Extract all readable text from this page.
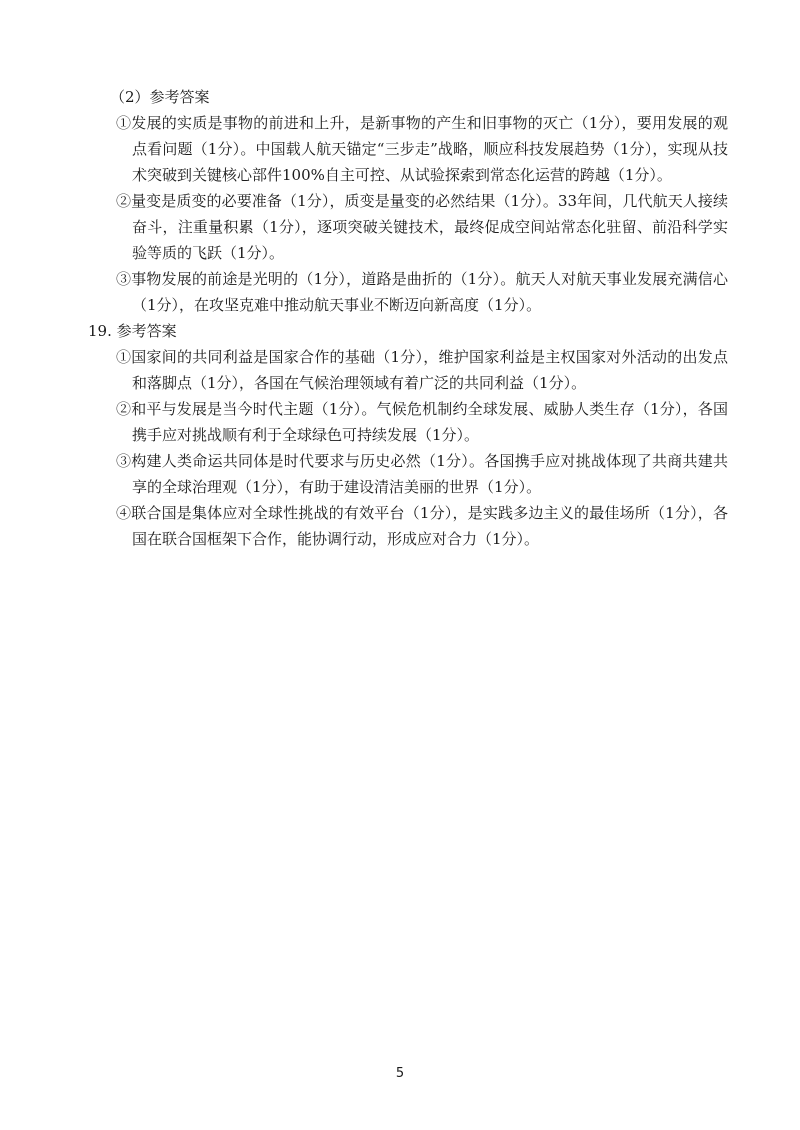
（2）参考答案
①发展的实质是事物的前进和上升，是新事物的产生和旧事物的灭亡（1分），要用发展的观点看问题（1分）。中国载人航天锚定“三步走”战略，顺应科技发展趋势（1分），实现从技术突破到关键核心部件100%自主可控、从试验探索到常态化运营的跨越（1分）。
②量变是质变的必要准备（1分），质变是量变的必然结果（1分）。33年间，几代航天人接续奋斗，注重量积累（1分），逐项突破关键技术，最终促成空间站常态化驻留、前沿科学实验等质的飞跃（1分）。
③事物发展的前途是光明的（1分），道路是曲折的（1分）。航天人对航天事业发展充满信心（1分），在攻坚克难中推动航天事业不断迈向新高度（1分）。
19. 参考答案
①国家间的共同利益是国家合作的基础（1分），维护国家利益是主权国家对外活动的出发点和落脚点（1分），各国在气候治理领域有着广泛的共同利益（1分）。
②和平与发展是当今时代主题（1分）。气候危机制约全球发展、威胁人类生存（1分），各国携手应对挑战顺有利于全球绿色可持续发展（1分）。
③构建人类命运共同体是时代要求与历史必然（1分）。各国携手应对挑战体现了共商共建共享的全球治理观（1分），有助于建设清洁美丽的世界（1分）。
④联合国是集体应对全球性挑战的有效平台（1分），是实践多边主义的最佳场所（1分），各国在联合国框架下合作，能协调行动，形成应对合力（1分）。
5
